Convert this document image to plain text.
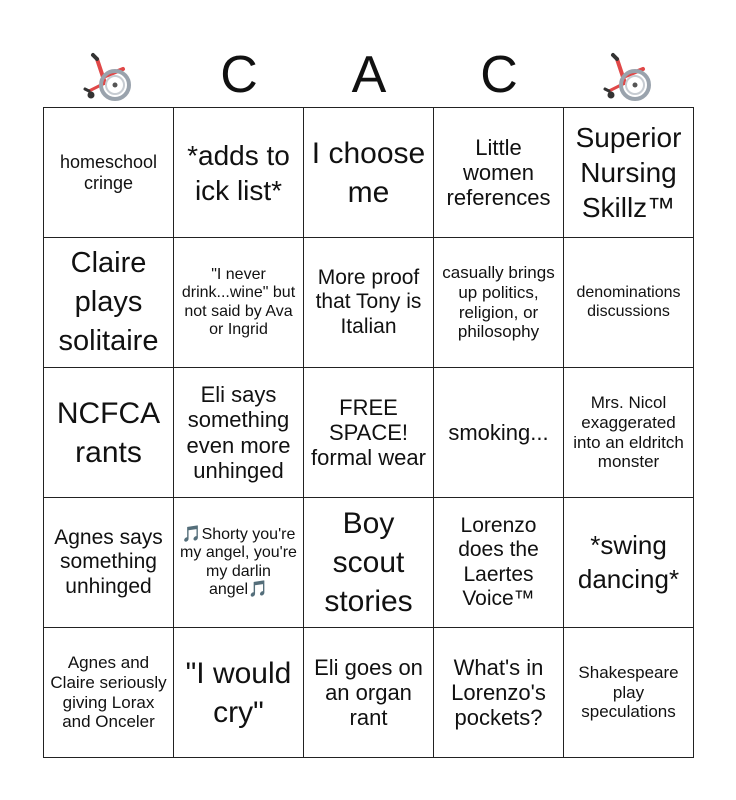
C	A	C
homeschool cringe
*adds to ick list*
I choose me
Little women references
Superior Nursing Skillz™
Claire plays solitaire
"I never drink...wine" but not said by Ava or Ingrid
More proof that Tony is Italian
casually brings up politics, religion, or philosophy
denominations discussions
NCFCA rants
Eli says something even more unhinged
FREE SPACE! formal wear
smoking...
Mrs. Nicol exaggerated into an eldritch monster
Agnes says something unhinged
🎵Shorty you're my angel, you're my darlin angel🎵
Boy scout stories
Lorenzo does the Laertes Voice™
*swing dancing*
Agnes and Claire seriously giving Lorax and Onceler
"I would cry"
Eli goes on an organ rant
What's in Lorenzo's pockets?
Shakespeare play speculations
